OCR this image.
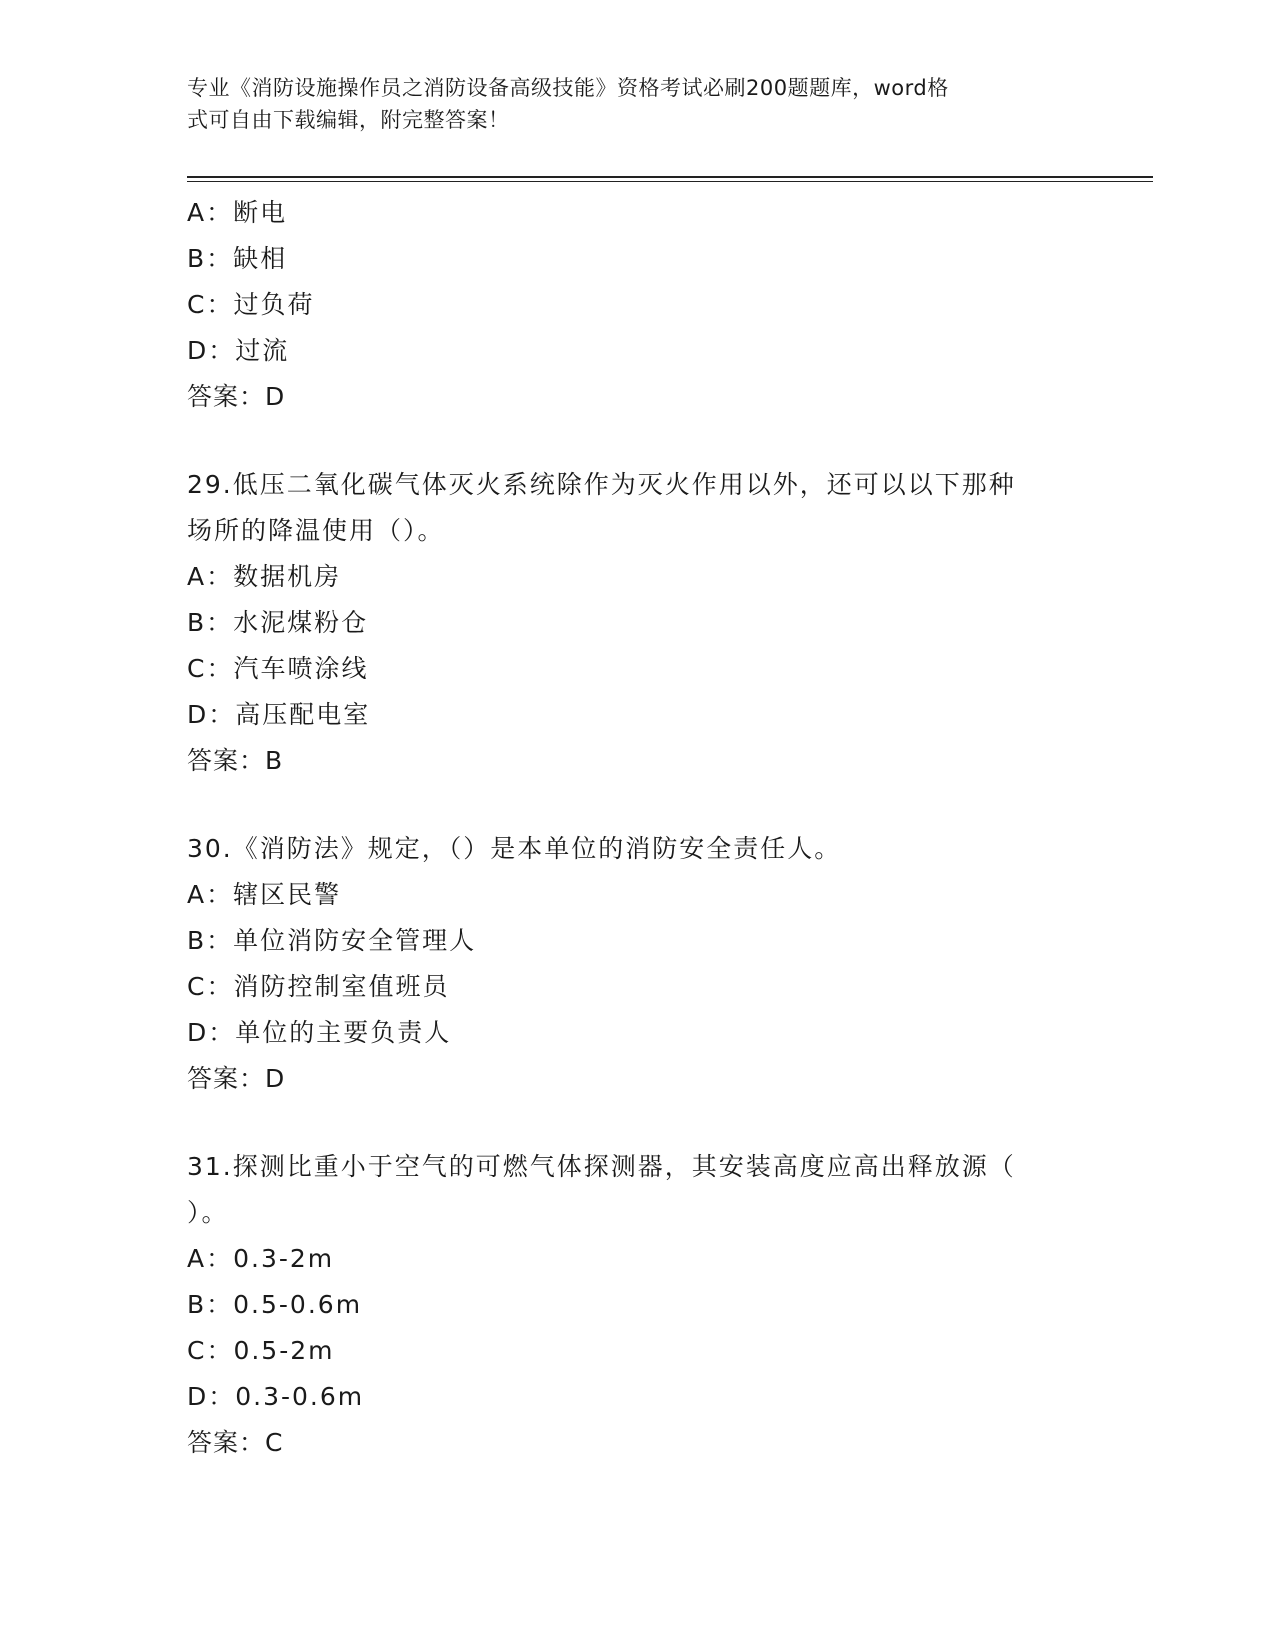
专业《消防设施操作员之消防设备高级技能》资格考试必刷200题题库，word格
式可自由下载编辑，附完整答案！
A：断电
B：缺相
C：过负荷
D：过流
答案：D
29.低压二氧化碳气体灭火系统除作为灭火作用以外，还可以以下那种
场所的降温使用（）。
A：数据机房
B：水泥煤粉仓
C：汽车喷涂线
D：高压配电室
答案：B
30.《消防法》规定，（）是本单位的消防安全责任人。
A：辖区民警
B：单位消防安全管理人
C：消防控制室值班员
D：单位的主要负责人
答案：D
31.探测比重小于空气的可燃气体探测器，其安装高度应高出释放源（
）。
A：0.3-2m
B：0.5-0.6m
C：0.5-2m
D：0.3-0.6m
答案：C
